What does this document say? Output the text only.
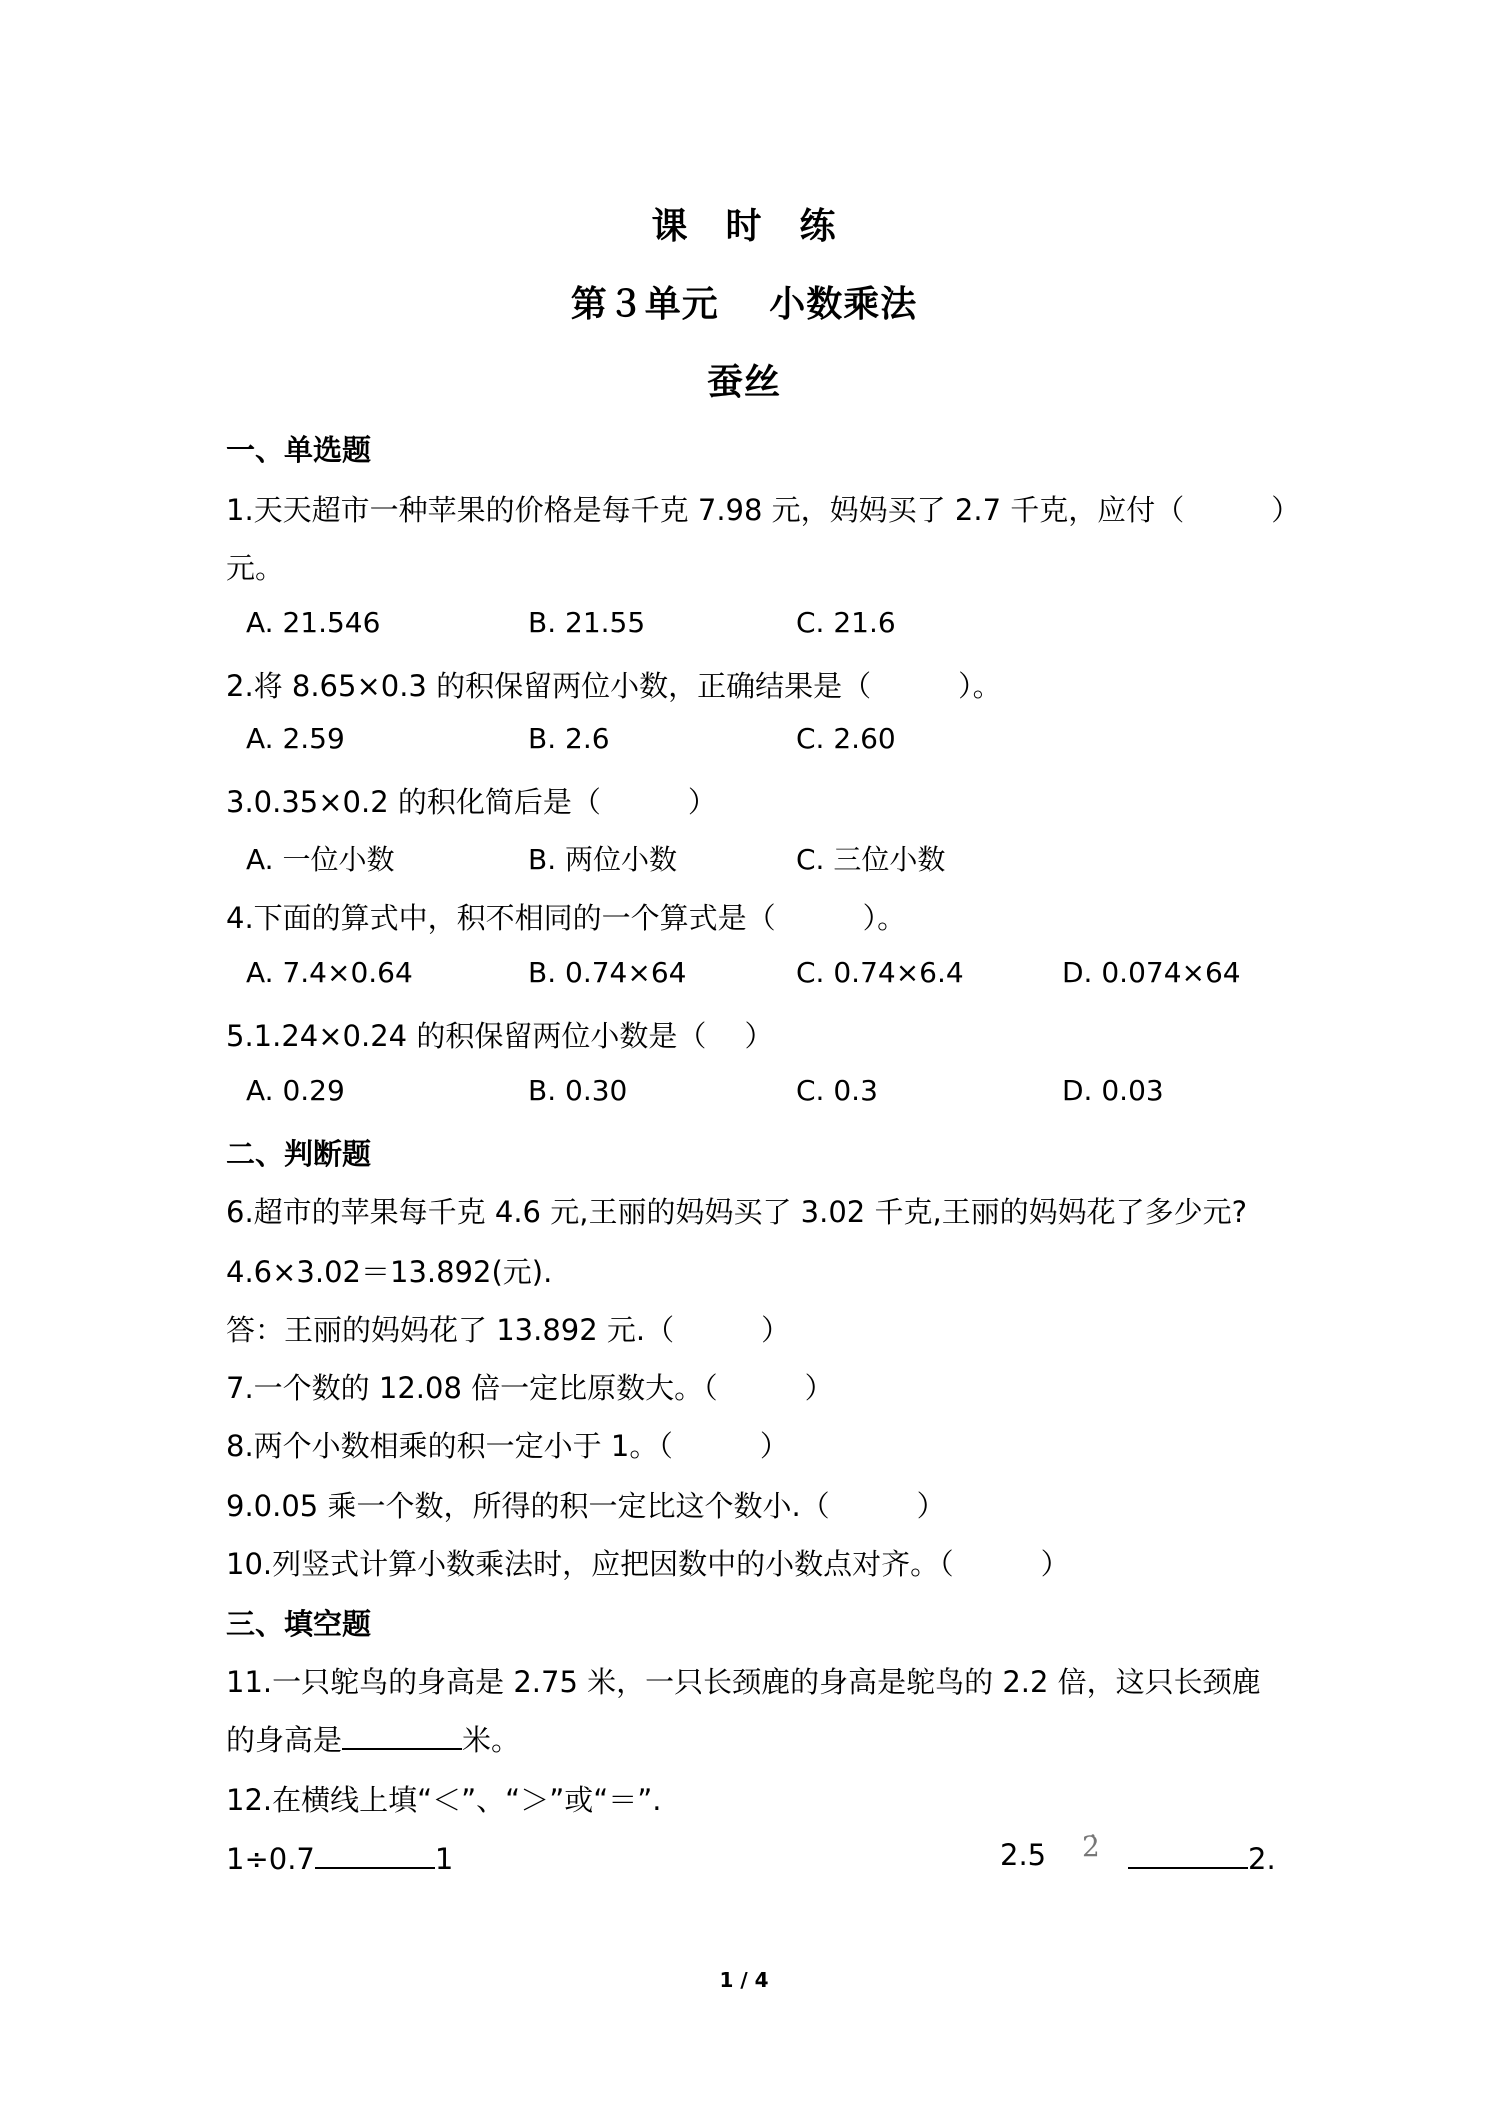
课　时　练
第３单元　 小数乘法
蚕丝
一、单选题
1.天天超市一种苹果的价格是每千克 7.98 元，妈妈买了 2.7 千克，应付（　　　）
元。
A. 21.546	B. 21.55	C. 21.6
2.将 8.65×0.3 的积保留两位小数，正确结果是（　　　）。
A. 2.59	B. 2.6	C. 2.60
3.0.35×0.2 的积化简后是（　　　）
A. 一位小数	B. 两位小数	C. 三位小数
4.下面的算式中，积不相同的一个算式是（　　　）。
A. 7.4×0.64	B. 0.74×64	C. 0.74×6.4	D. 0.074×64
5.1.24×0.24 的积保留两位小数是（　 ）
A. 0.29	B. 0.30	C. 0.3	D. 0.03
二、判断题
6.超市的苹果每千克 4.6 元,王丽的妈妈买了 3.02 千克,王丽的妈妈花了多少元?
4.6×3.02＝13.892(元).
答：王丽的妈妈花了 13.892 元.（　　　）
7.一个数的 12.08 倍一定比原数大。（　　　）
8.两个小数相乘的积一定小于 1。（　　　）
9.0.05 乘一个数，所得的积一定比这个数小.（　　　）
10.列竖式计算小数乘法时，应把因数中的小数点对齐。（　　　）
三、填空题
11.一只鸵鸟的身高是 2.75 米，一只长颈鹿的身高是鸵鸟的 2.2 倍，这只长颈鹿
的身高是	米。
12.在横线上填“＜”、“＞”或“＝”.
1÷0.7	1	2.5 2̇	2.
1 / 4
